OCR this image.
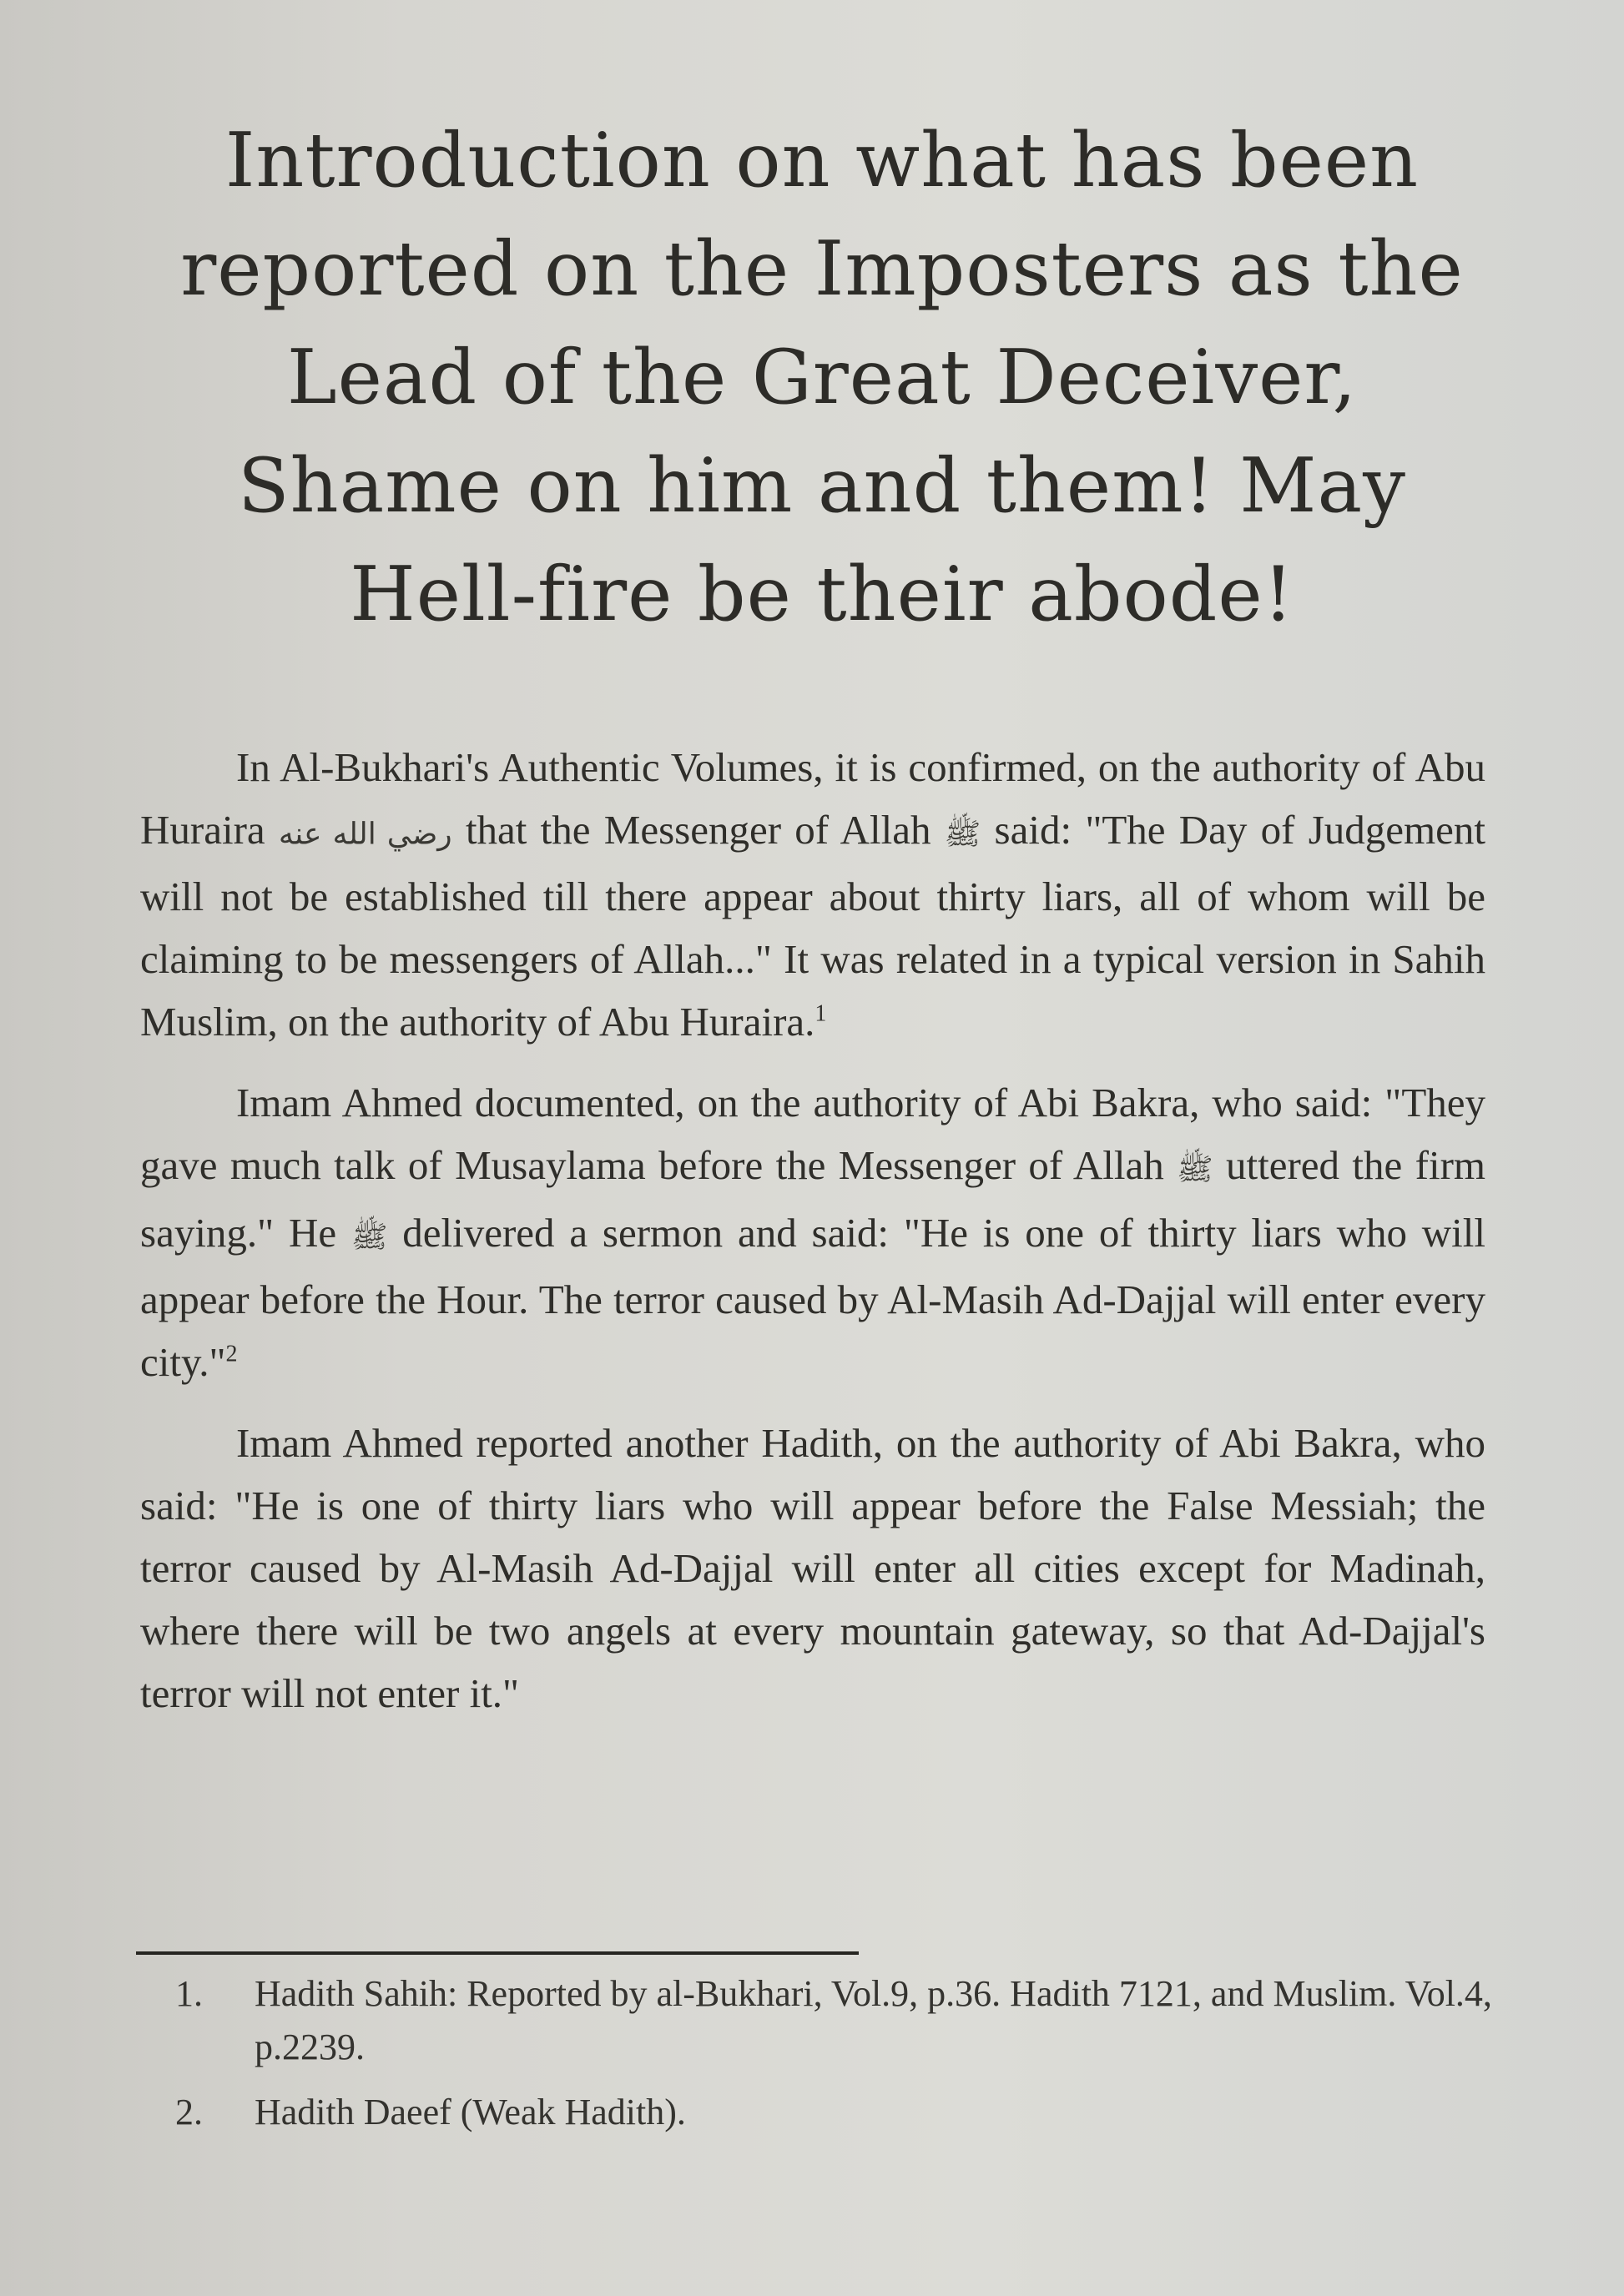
Introduction on what has been
reported on the Imposters as the
Lead of the Great Deceiver,
Shame on him and them! May
Hell-fire be their abode!

In Al-Bukhari's Authentic Volumes, it is confirmed, on the authority of Abu Huraira رضي الله عنه that the Messenger of Allah ﷺ said: "The Day of Judgement will not be established till there appear about thirty liars, all of whom will be claiming to be messengers of Allah..." It was related in a typical version in Sahih Muslim, on the authority of Abu Huraira.$^1$

Imam Ahmed documented, on the authority of Abi Bakra, who said: "They gave much talk of Musaylama before the Messenger of Allah ﷺ uttered the firm saying." He ﷺ delivered a sermon and said: "He is one of thirty liars who will appear before the Hour. The terror caused by Al-Masih Ad-Dajjal will enter every city."$^2$

Imam Ahmed reported another Hadith, on the authority of Abi Bakra, who said: "He is one of thirty liars who will appear before the False Messiah; the terror caused by Al-Masih Ad-Dajjal will enter all cities except for Madinah, where there will be two angels at every mountain gateway, so that Ad-Dajjal's terror will not enter it."

1.	Hadith Sahih: Reported by al-Bukhari, Vol.9, p.36. Hadith 7121, and Muslim. Vol.4, p.2239.
2.	Hadith Daeef (Weak Hadith).
